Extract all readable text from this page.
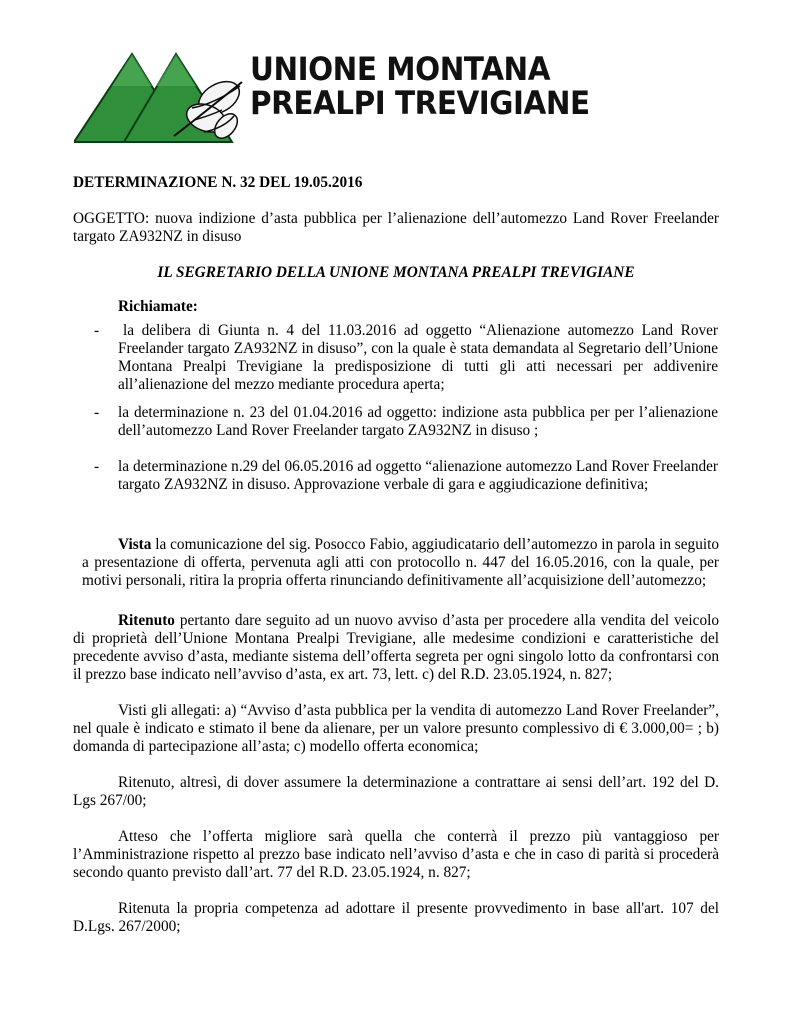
UNIONE MONTANA
PREALPI TREVIGIANE
DETERMINAZIONE N. 32 DEL 19.05.2016
OGGETTO: nuova indizione d’asta pubblica per l’alienazione dell’automezzo Land Rover Freelander targato ZA932NZ in disuso
IL SEGRETARIO DELLA UNIONE MONTANA PREALPI TREVIGIANE
Richiamate:
-	la delibera di Giunta n. 4 del 11.03.2016 ad oggetto “Alienazione automezzo Land Rover Freelander targato ZA932NZ in disuso”, con la quale è stata demandata al Segretario dell’Unione Montana Prealpi Trevigiane la predisposizione di tutti gli atti necessari per addivenire all’alienazione del mezzo mediante procedura aperta;
-	la determinazione n. 23 del 01.04.2016 ad oggetto: indizione asta pubblica per per l’alienazione dell’automezzo Land Rover Freelander targato ZA932NZ in disuso ;
-	la determinazione n.29 del 06.05.2016 ad oggetto “alienazione automezzo Land Rover Freelander targato ZA932NZ in disuso. Approvazione verbale di gara e aggiudicazione definitiva;
Vista la comunicazione del sig. Posocco Fabio, aggiudicatario dell’automezzo in parola in seguito a presentazione di offerta, pervenuta agli atti con protocollo n. 447 del 16.05.2016, con la quale, per motivi personali, ritira la propria offerta rinunciando definitivamente all’acquisizione dell’automezzo;
Ritenuto pertanto dare seguito ad un nuovo avviso d’asta per procedere alla vendita del veicolo di proprietà dell’Unione Montana Prealpi Trevigiane, alle medesime condizioni e caratteristiche del precedente avviso d’asta, mediante sistema dell’offerta segreta per ogni singolo lotto da confrontarsi con il prezzo base indicato nell’avviso d’asta, ex art. 73, lett. c) del R.D. 23.05.1924, n. 827;
Visti gli allegati: a) “Avviso d’asta pubblica per la vendita di automezzo Land Rover Freelander”, nel quale è indicato e stimato il bene da alienare, per un valore presunto complessivo di € 3.000,00= ; b) domanda di partecipazione all’asta; c) modello offerta economica;
Ritenuto, altresì, di dover assumere la determinazione a contrattare ai sensi dell’art. 192 del D. Lgs 267/00;
Atteso che l’offerta migliore sarà quella che conterrà il prezzo più vantaggioso per l’Amministrazione rispetto al prezzo base indicato nell’avviso d’asta e che in caso di parità si procederà secondo quanto previsto dall’art. 77 del R.D. 23.05.1924, n. 827;
Ritenuta la propria competenza ad adottare il presente provvedimento in base all'art. 107 del D.Lgs. 267/2000;
